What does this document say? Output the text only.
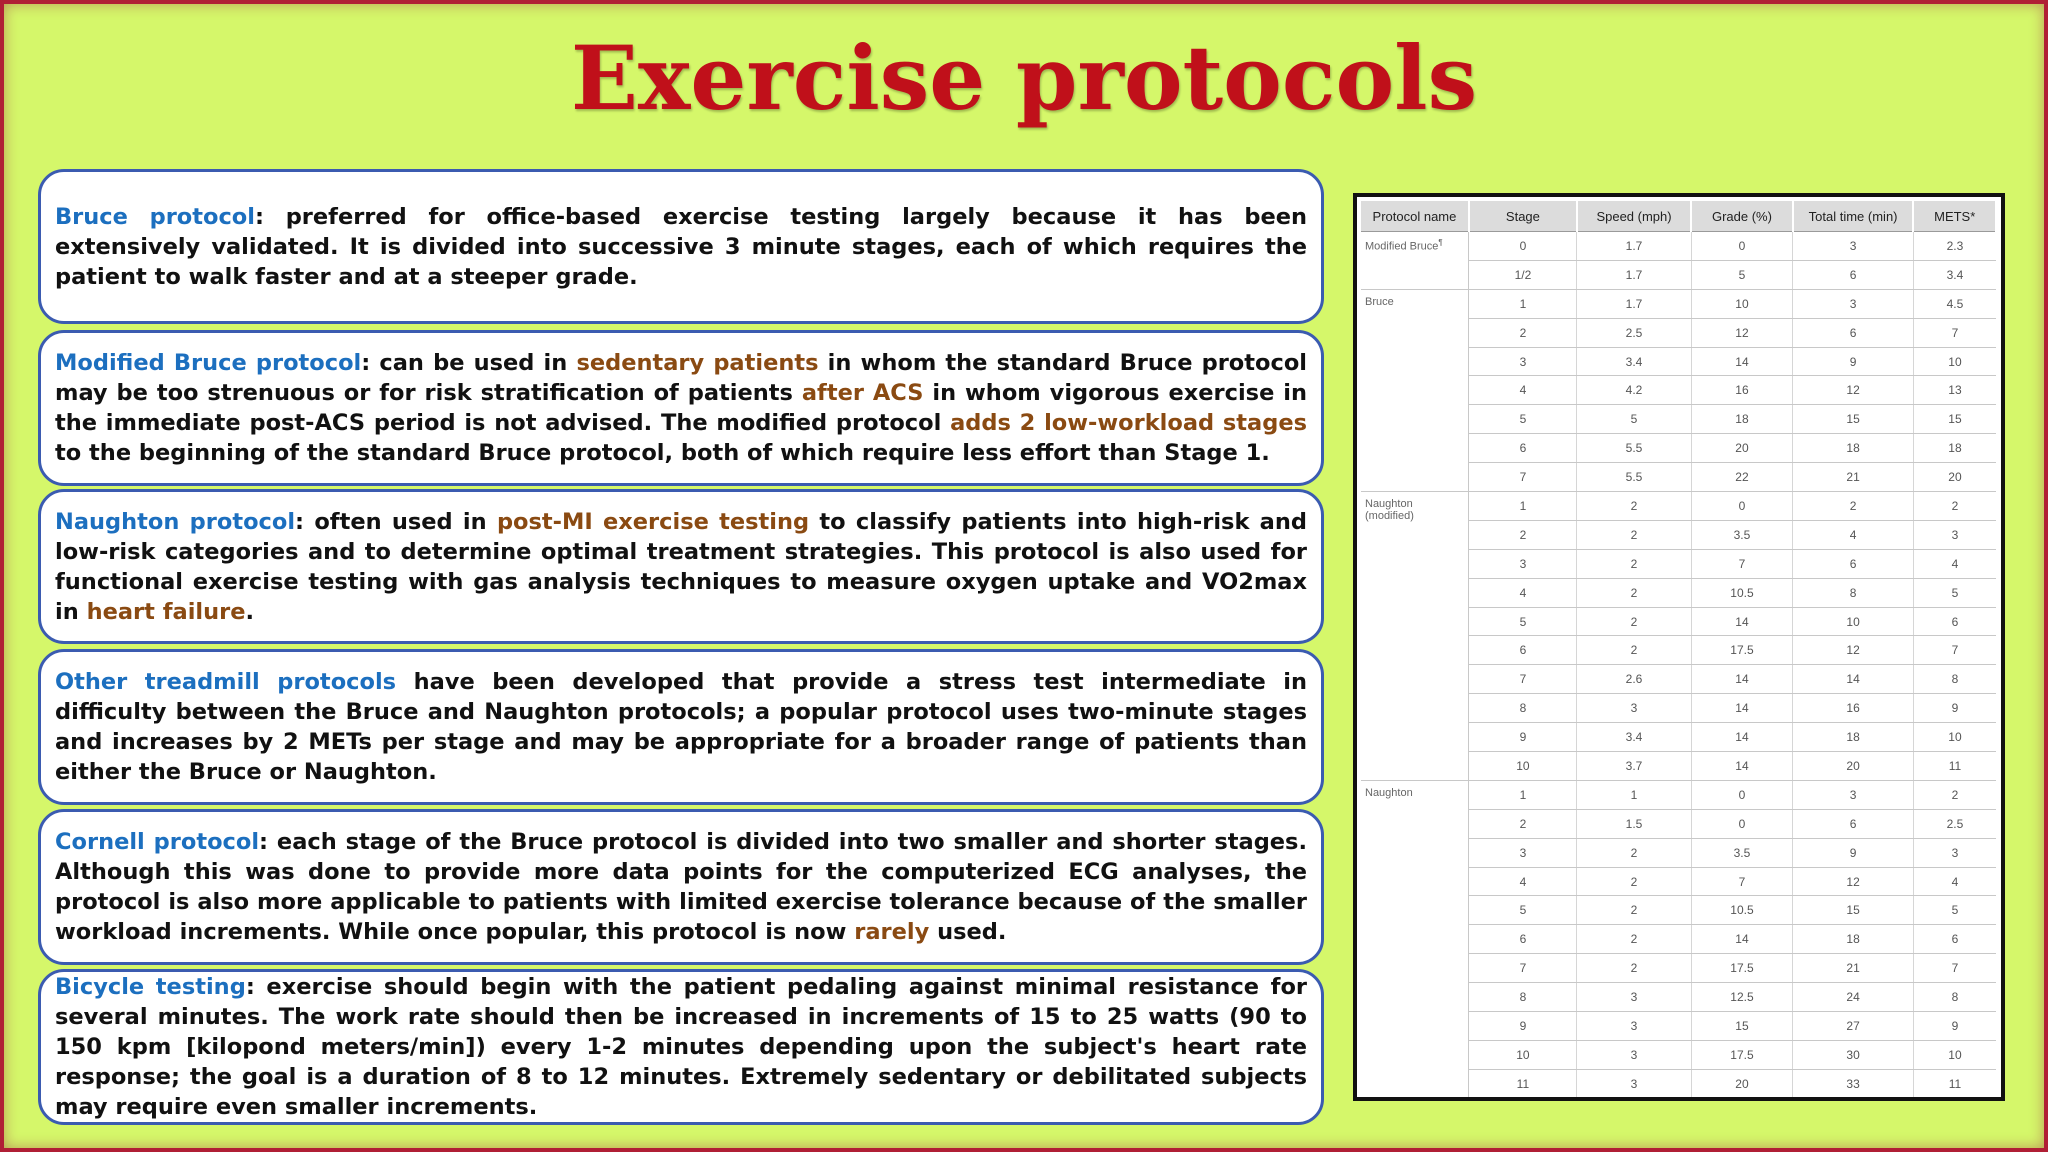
Exercise protocols

Bruce protocol: preferred for office-based exercise testing largely because it has been extensively validated. It is divided into successive 3 minute stages, each of which requires the patient to walk faster and at a steeper grade.

Modified Bruce protocol: can be used in sedentary patients in whom the standard Bruce protocol may be too strenuous or for risk stratification of patients after ACS in whom vigorous exercise in the immediate post-ACS period is not advised. The modified protocol adds 2 low-workload stages to the beginning of the standard Bruce protocol, both of which require less effort than Stage 1.

Naughton protocol: often used in post-MI exercise testing to classify patients into high-risk and low-risk categories and to determine optimal treatment strategies. This protocol is also used for functional exercise testing with gas analysis techniques to measure oxygen uptake and VO2max in heart failure.

Other treadmill protocols have been developed that provide a stress test intermediate in difficulty between the Bruce and Naughton protocols; a popular protocol uses two-minute stages and increases by 2 METs per stage and may be appropriate for a broader range of patients than either the Bruce or Naughton.

Cornell protocol: each stage of the Bruce protocol is divided into two smaller and shorter stages. Although this was done to provide more data points for the computerized ECG analyses, the protocol is also more applicable to patients with limited exercise tolerance because of the smaller workload increments. While once popular, this protocol is now rarely used.

Bicycle testing: exercise should begin with the patient pedaling against minimal resistance for several minutes. The work rate should then be increased in increments of 15 to 25 watts (90 to 150 kpm [kilopond meters/min]) every 1-2 minutes depending upon the subject's heart rate response; the goal is a duration of 8 to 12 minutes. Extremely sedentary or debilitated subjects may require even smaller increments.

Protocol name	Stage	Speed (mph)	Grade (%)	Total time (min)	METS*
Modified Bruce¶	0	1.7	0	3	2.3
	1/2	1.7	5	6	3.4
Bruce	1	1.7	10	3	4.5
	2	2.5	12	6	7
	3	3.4	14	9	10
	4	4.2	16	12	13
	5	5	18	15	15
	6	5.5	20	18	18
	7	5.5	22	21	20
Naughton (modified)	1	2	0	2	2
	2	2	3.5	4	3
	3	2	7	6	4
	4	2	10.5	8	5
	5	2	14	10	6
	6	2	17.5	12	7
	7	2.6	14	14	8
	8	3	14	16	9
	9	3.4	14	18	10
	10	3.7	14	20	11
Naughton	1	1	0	3	2
	2	1.5	0	6	2.5
	3	2	3.5	9	3
	4	2	7	12	4
	5	2	10.5	15	5
	6	2	14	18	6
	7	2	17.5	21	7
	8	3	12.5	24	8
	9	3	15	27	9
	10	3	17.5	30	10
	11	3	20	33	11
